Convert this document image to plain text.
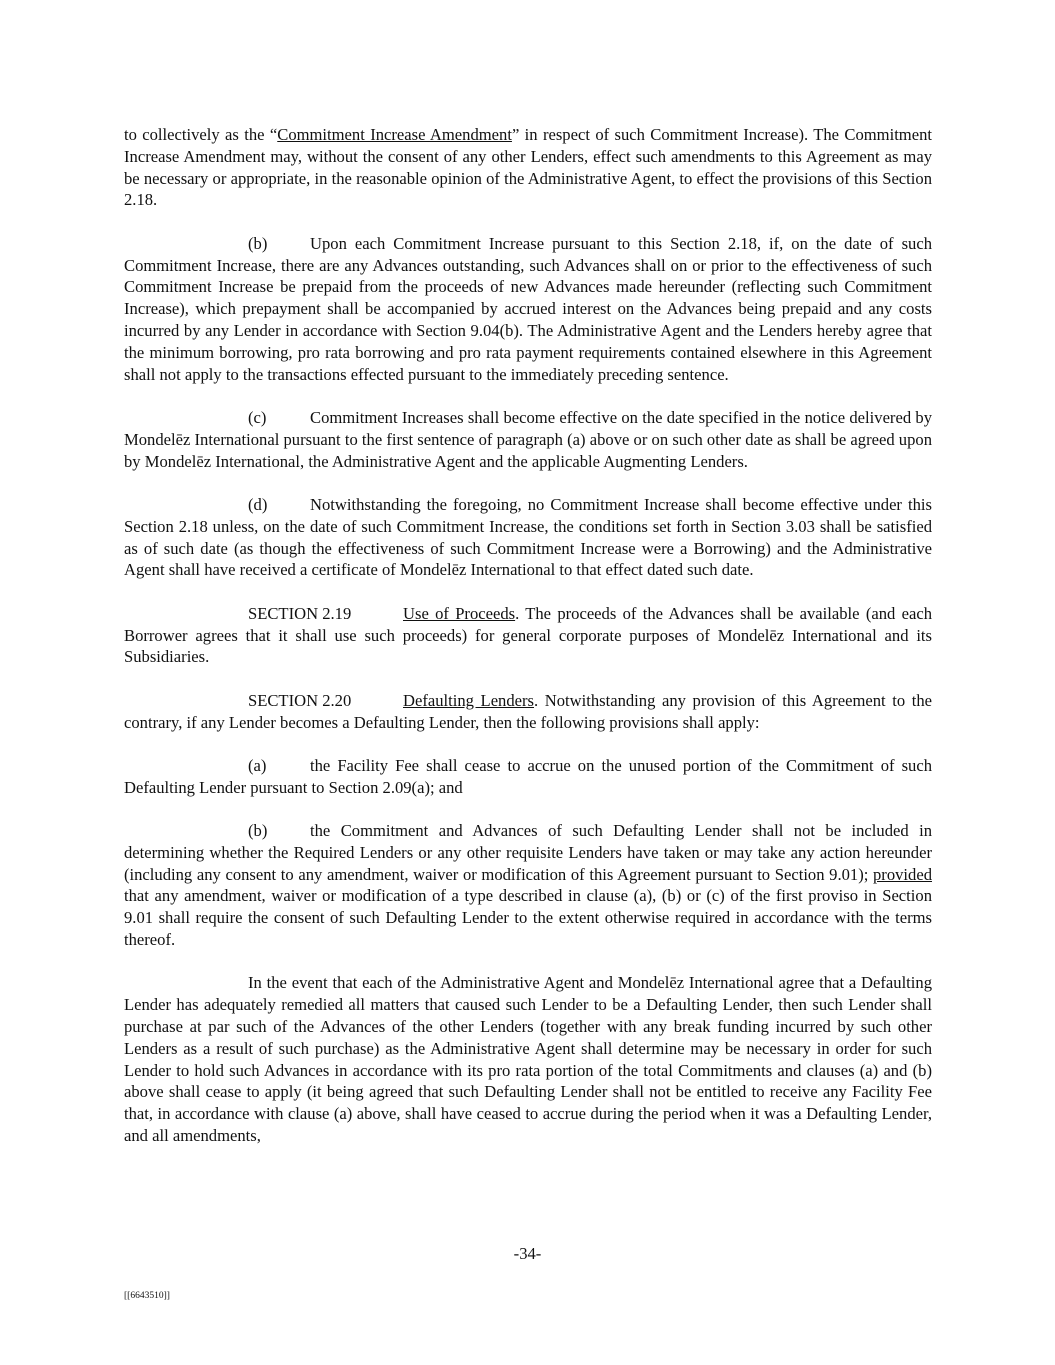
to collectively as the “Commitment Increase Amendment” in respect of such Commitment Increase). The Commitment Increase Amendment may, without the consent of any other Lenders, effect such amendments to this Agreement as may be necessary or appropriate, in the reasonable opinion of the Administrative Agent, to effect the provisions of this Section 2.18.

(b)	Upon each Commitment Increase pursuant to this Section 2.18, if, on the date of such Commitment Increase, there are any Advances outstanding, such Advances shall on or prior to the effectiveness of such Commitment Increase be prepaid from the proceeds of new Advances made hereunder (reflecting such Commitment Increase), which prepayment shall be accompanied by accrued interest on the Advances being prepaid and any costs incurred by any Lender in accordance with Section 9.04(b). The Administrative Agent and the Lenders hereby agree that the minimum borrowing, pro rata borrowing and pro rata payment requirements contained elsewhere in this Agreement shall not apply to the transactions effected pursuant to the immediately preceding sentence.

(c)	Commitment Increases shall become effective on the date specified in the notice delivered by Mondelēz International pursuant to the first sentence of paragraph (a) above or on such other date as shall be agreed upon by Mondelēz International, the Administrative Agent and the applicable Augmenting Lenders.

(d)	Notwithstanding the foregoing, no Commitment Increase shall become effective under this Section 2.18 unless, on the date of such Commitment Increase, the conditions set forth in Section 3.03 shall be satisfied as of such date (as though the effectiveness of such Commitment Increase were a Borrowing) and the Administrative Agent shall have received a certificate of Mondelēz International to that effect dated such date.

SECTION 2.19	Use of Proceeds. The proceeds of the Advances shall be available (and each Borrower agrees that it shall use such proceeds) for general corporate purposes of Mondelēz International and its Subsidiaries.

SECTION 2.20	Defaulting Lenders. Notwithstanding any provision of this Agreement to the contrary, if any Lender becomes a Defaulting Lender, then the following provisions shall apply:

(a)	the Facility Fee shall cease to accrue on the unused portion of the Commitment of such Defaulting Lender pursuant to Section 2.09(a); and

(b)	the Commitment and Advances of such Defaulting Lender shall not be included in determining whether the Required Lenders or any other requisite Lenders have taken or may take any action hereunder (including any consent to any amendment, waiver or modification of this Agreement pursuant to Section 9.01); provided that any amendment, waiver or modification of a type described in clause (a), (b) or (c) of the first proviso in Section 9.01 shall require the consent of such Defaulting Lender to the extent otherwise required in accordance with the terms thereof.

In the event that each of the Administrative Agent and Mondelēz International agree that a Defaulting Lender has adequately remedied all matters that caused such Lender to be a Defaulting Lender, then such Lender shall purchase at par such of the Advances of the other Lenders (together with any break funding incurred by such other Lenders as a result of such purchase) as the Administrative Agent shall determine may be necessary in order for such Lender to hold such Advances in accordance with its pro rata portion of the total Commitments and clauses (a) and (b) above shall cease to apply (it being agreed that such Defaulting Lender shall not be entitled to receive any Facility Fee that, in accordance with clause (a) above, shall have ceased to accrue during the period when it was a Defaulting Lender, and all amendments,

-34-
[[6643510]]
